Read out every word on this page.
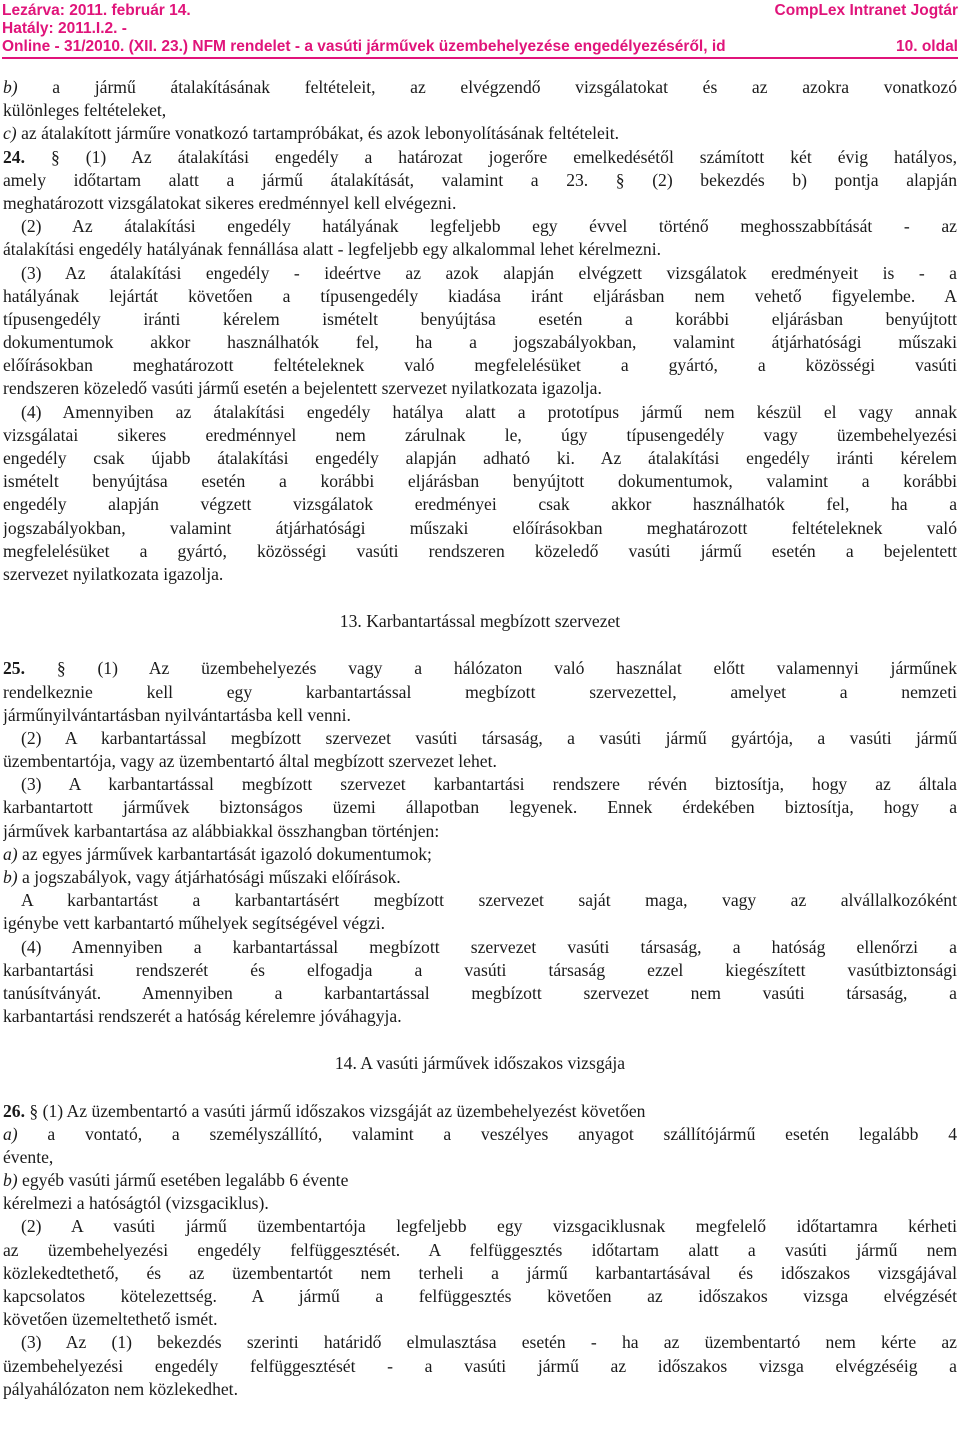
Lezárva: 2011. február 14.	CompLex Intranet Jogtár
Hatály: 2011.I.2. -
Online - 31/2010. (XII. 23.) NFM rendelet - a vasúti járművek üzembehelyezése engedélyezéséről, id	10. oldal
b) a jármű átalakításának feltételeit, az elvégzendő vizsgálatokat és az azokra vonatkozó
különleges feltételeket,
c) az átalakított járműre vonatkozó tartampróbákat, és azok lebonyolításának feltételeit.
24. § (1) Az átalakítási engedély a határozat jogerőre emelkedésétől számított két évig hatályos,
amely időtartam alatt a jármű átalakítását, valamint a 23. § (2) bekezdés b) pontja alapján
meghatározott vizsgálatokat sikeres eredménnyel kell elvégezni.
(2) Az átalakítási engedély hatályának legfeljebb egy évvel történő meghosszabbítását - az
átalakítási engedély hatályának fennállása alatt - legfeljebb egy alkalommal lehet kérelmezni.
(3) Az átalakítási engedély - ideértve az azok alapján elvégzett vizsgálatok eredményeit is - a
hatályának lejártát követően a típusengedély kiadása iránt eljárásban nem vehető figyelembe. A
típusengedély iránti kérelem ismételt benyújtása esetén a korábbi eljárásban benyújtott
dokumentumok akkor használhatók fel, ha a jogszabályokban, valamint átjárhatósági műszaki
előírásokban meghatározott feltételeknek való megfelelésüket a gyártó, a közösségi vasúti
rendszeren közeledő vasúti jármű esetén a bejelentett szervezet nyilatkozata igazolja.
(4) Amennyiben az átalakítási engedély hatálya alatt a prototípus jármű nem készül el vagy annak
vizsgálatai sikeres eredménnyel nem zárulnak le, úgy típusengedély vagy üzembehelyezési
engedély csak újabb átalakítási engedély alapján adható ki. Az átalakítási engedély iránti kérelem
ismételt benyújtása esetén a korábbi eljárásban benyújtott dokumentumok, valamint a korábbi
engedély alapján végzett vizsgálatok eredményei csak akkor használhatók fel, ha a
jogszabályokban, valamint átjárhatósági műszaki előírásokban meghatározott feltételeknek való
megfelelésüket a gyártó, közösségi vasúti rendszeren közeledő vasúti jármű esetén a bejelentett
szervezet nyilatkozata igazolja.
13. Karbantartással megbízott szervezet
25. § (1) Az üzembehelyezés vagy a hálózaton való használat előtt valamennyi járműnek
rendelkeznie kell egy karbantartással megbízott szervezettel, amelyet a nemzeti
járműnyilvántartásban nyilvántartásba kell venni.
(2) A karbantartással megbízott szervezet vasúti társaság, a vasúti jármű gyártója, a vasúti jármű
üzembentartója, vagy az üzembentartó által megbízott szervezet lehet.
(3) A karbantartással megbízott szervezet karbantartási rendszere révén biztosítja, hogy az általa
karbantartott járművek biztonságos üzemi állapotban legyenek. Ennek érdekében biztosítja, hogy a
járművek karbantartása az alábbiakkal összhangban történjen:
a) az egyes járművek karbantartását igazoló dokumentumok;
b) a jogszabályok, vagy átjárhatósági műszaki előírások.
A karbantartást a karbantartásért megbízott szervezet saját maga, vagy az alvállalkozóként
igénybe vett karbantartó műhelyek segítségével végzi.
(4) Amennyiben a karbantartással megbízott szervezet vasúti társaság, a hatóság ellenőrzi a
karbantartási rendszerét és elfogadja a vasúti társaság ezzel kiegészített vasútbiztonsági
tanúsítványát. Amennyiben a karbantartással megbízott szervezet nem vasúti társaság, a
karbantartási rendszerét a hatóság kérelemre jóváhagyja.
14. A vasúti járművek időszakos vizsgája
26. § (1) Az üzembentartó a vasúti jármű időszakos vizsgáját az üzembehelyezést követően
a) a vontató, a személyszállító, valamint a veszélyes anyagot szállítójármű esetén legalább 4
évente,
b) egyéb vasúti jármű esetében legalább 6 évente
kérelmezi a hatóságtól (vizsgaciklus).
(2) A vasúti jármű üzembentartója legfeljebb egy vizsgaciklusnak megfelelő időtartamra kérheti
az üzembehelyezési engedély felfüggesztését. A felfüggesztés időtartam alatt a vasúti jármű nem
közlekedtethető, és az üzembentartót nem terheli a jármű karbantartásával és időszakos vizsgájával
kapcsolatos kötelezettség. A jármű a felfüggesztés követően az időszakos vizsga elvégzését
követően üzemeltethető ismét.
(3) Az (1) bekezdés szerinti határidő elmulasztása esetén - ha az üzembentartó nem kérte az
üzembehelyezési engedély felfüggesztését - a vasúti jármű az időszakos vizsga elvégzéséig a
pályahálózaton nem közlekedhet.
